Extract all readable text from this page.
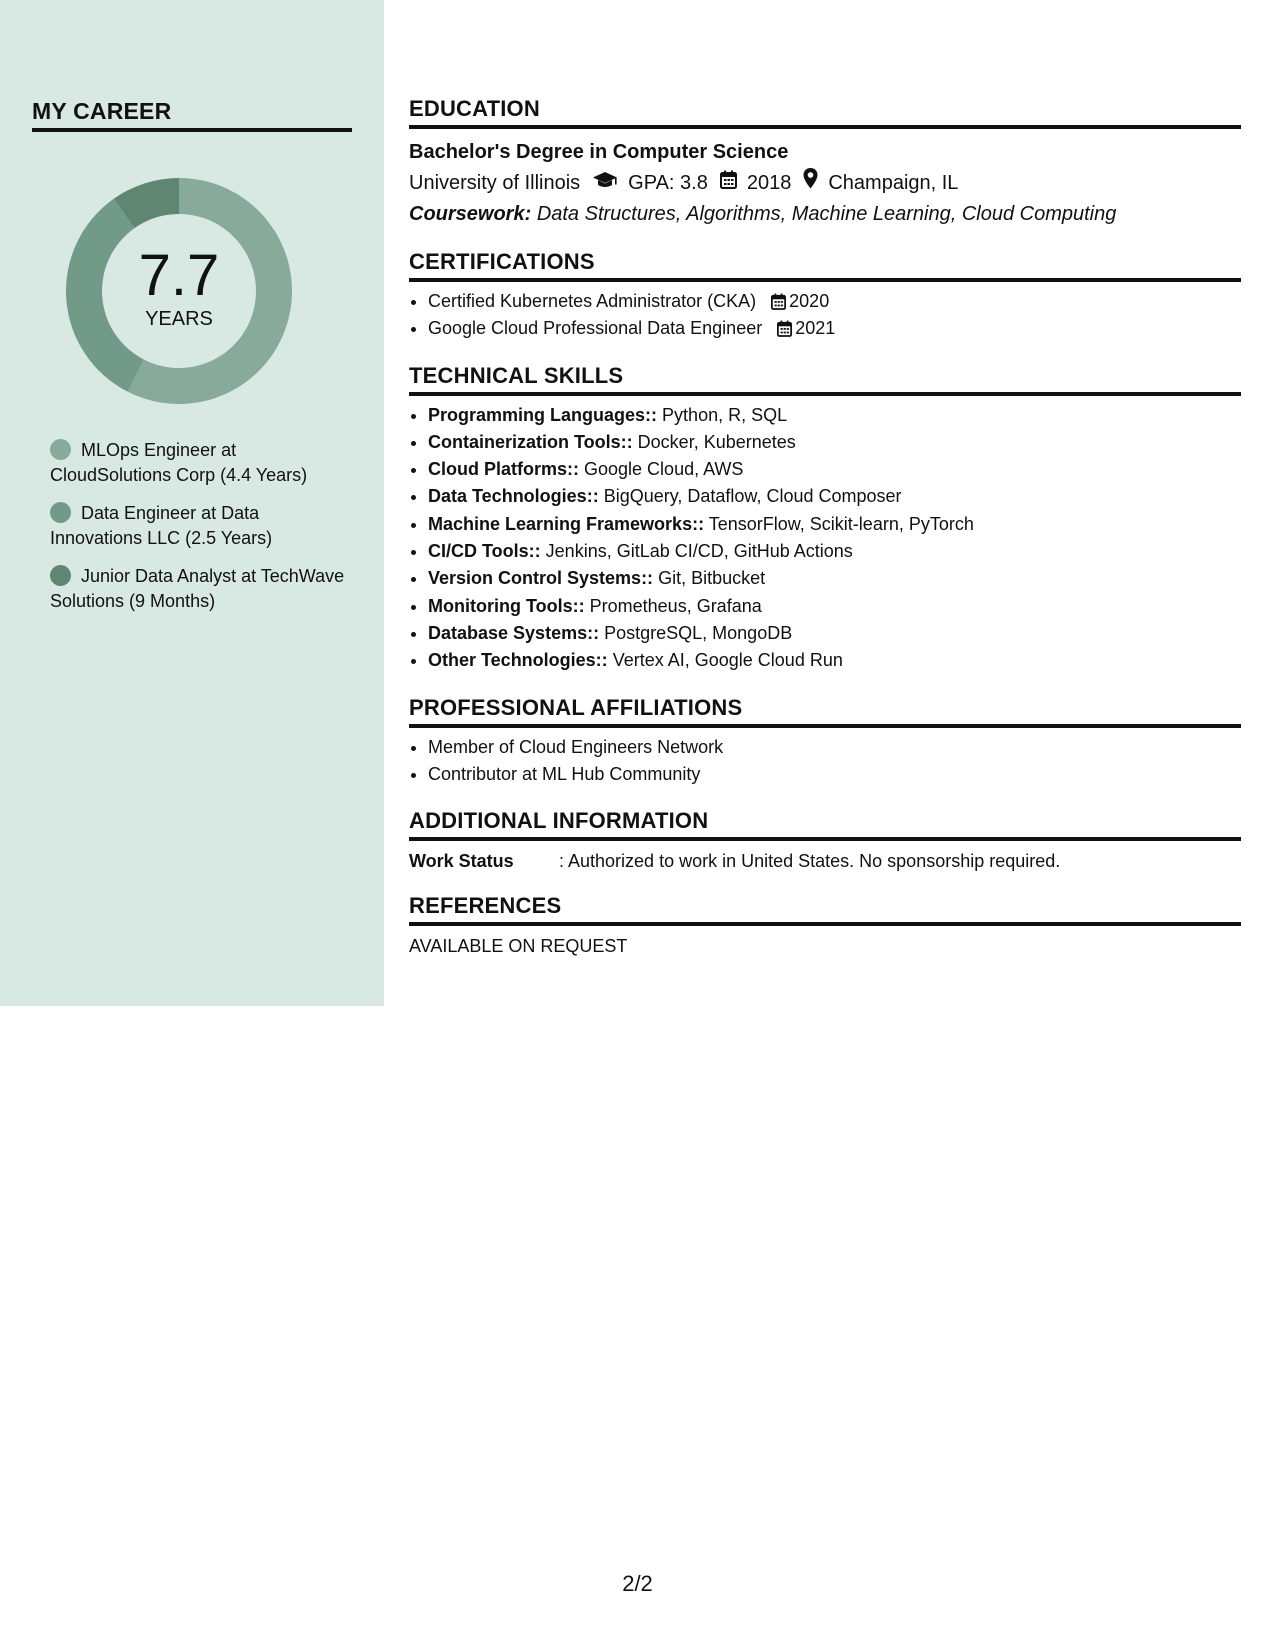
MY CAREER
7.7
YEARS
MLOps Engineer at CloudSolutions Corp (4.4 Years)
Data Engineer at Data Innovations LLC (2.5 Years)
Junior Data Analyst at TechWave Solutions (9 Months)
EDUCATION
Bachelor's Degree in Computer Science
University of Illinois GPA: 3.8 2018 Champaign, IL
Coursework: Data Structures, Algorithms, Machine Learning, Cloud Computing
CERTIFICATIONS
• Certified Kubernetes Administrator (CKA) 2020
• Google Cloud Professional Data Engineer 2021
TECHNICAL SKILLS
• Programming Languages:: Python, R, SQL
• Containerization Tools:: Docker, Kubernetes
• Cloud Platforms:: Google Cloud, AWS
• Data Technologies:: BigQuery, Dataflow, Cloud Composer
• Machine Learning Frameworks:: TensorFlow, Scikit-learn, PyTorch
• CI/CD Tools:: Jenkins, GitLab CI/CD, GitHub Actions
• Version Control Systems:: Git, Bitbucket
• Monitoring Tools:: Prometheus, Grafana
• Database Systems:: PostgreSQL, MongoDB
• Other Technologies:: Vertex AI, Google Cloud Run
PROFESSIONAL AFFILIATIONS
• Member of Cloud Engineers Network
• Contributor at ML Hub Community
ADDITIONAL INFORMATION
Work Status	: Authorized to work in United States. No sponsorship required.
REFERENCES
AVAILABLE ON REQUEST
2/2
